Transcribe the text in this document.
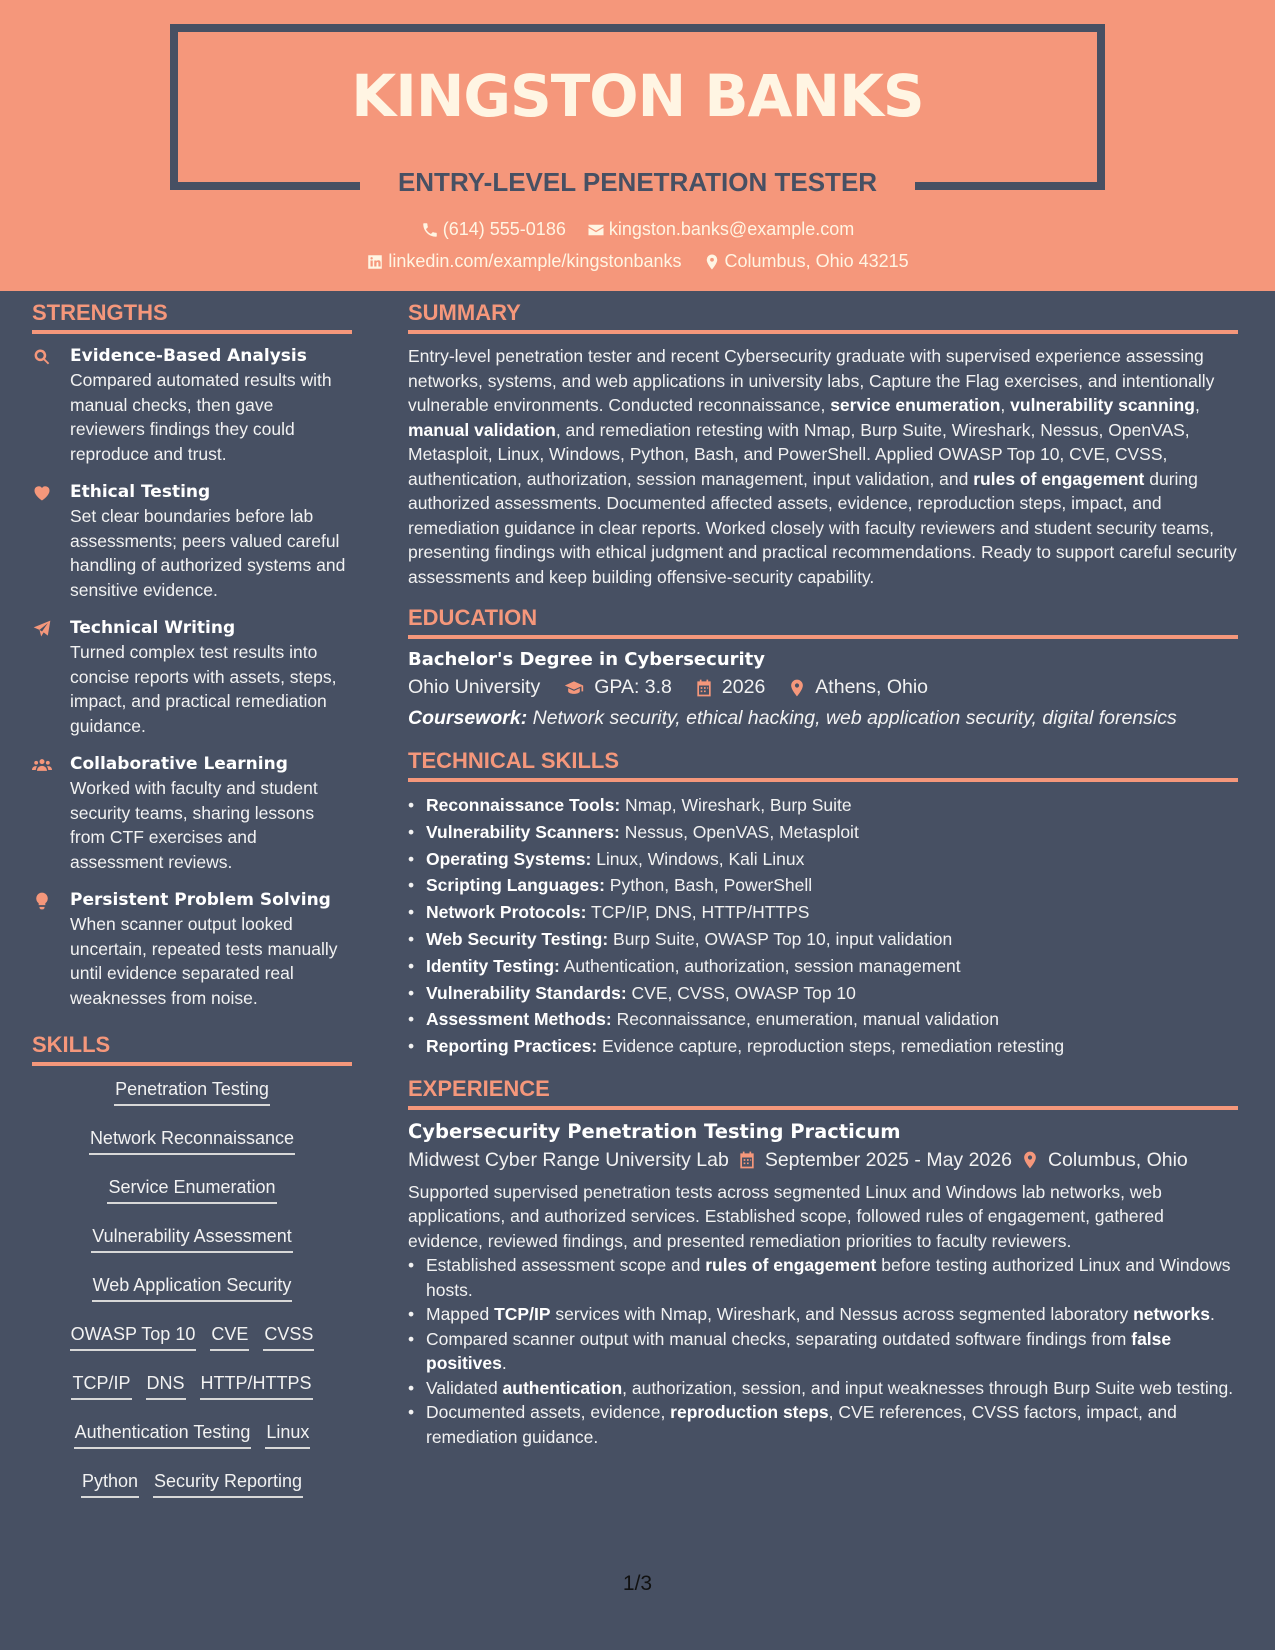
KINGSTON BANKS
ENTRY-LEVEL PENETRATION TESTER
(614) 555-0186
kingston.banks@example.com
linkedin.com/example/kingstonbanks
Columbus, Ohio 43215
STRENGTHS
Evidence-Based Analysis
Compared automated results with manual checks, then gave reviewers findings they could reproduce and trust.
Ethical Testing
Set clear boundaries before lab assessments; peers valued careful handling of authorized systems and sensitive evidence.
Technical Writing
Turned complex test results into concise reports with assets, steps, impact, and practical remediation guidance.
Collaborative Learning
Worked with faculty and student security teams, sharing lessons from CTF exercises and assessment reviews.
Persistent Problem Solving
When scanner output looked uncertain, repeated tests manually until evidence separated real weaknesses from noise.
SKILLS
Penetration Testing
Network Reconnaissance
Service Enumeration
Vulnerability Assessment
Web Application Security
OWASP Top 10 CVE CVSS
TCP/IP DNS HTTP/HTTPS
Authentication Testing Linux
Python Security Reporting
SUMMARY
Entry-level penetration tester and recent Cybersecurity graduate with supervised experience assessing networks, systems, and web applications in university labs, Capture the Flag exercises, and intentionally vulnerable environments. Conducted reconnaissance, service enumeration, vulnerability scanning, manual validation, and remediation retesting with Nmap, Burp Suite, Wireshark, Nessus, OpenVAS, Metasploit, Linux, Windows, Python, Bash, and PowerShell. Applied OWASP Top 10, CVE, CVSS, authentication, authorization, session management, input validation, and rules of engagement during authorized assessments. Documented affected assets, evidence, reproduction steps, impact, and remediation guidance in clear reports. Worked closely with faculty reviewers and student security teams, presenting findings with ethical judgment and practical recommendations. Ready to support careful security assessments and keep building offensive-security capability.
EDUCATION
Bachelor's Degree in Cybersecurity
Ohio University	GPA: 3.8	2026	Athens, Ohio
Coursework: Network security, ethical hacking, web application security, digital forensics
TECHNICAL SKILLS
• Reconnaissance Tools: Nmap, Wireshark, Burp Suite
• Vulnerability Scanners: Nessus, OpenVAS, Metasploit
• Operating Systems: Linux, Windows, Kali Linux
• Scripting Languages: Python, Bash, PowerShell
• Network Protocols: TCP/IP, DNS, HTTP/HTTPS
• Web Security Testing: Burp Suite, OWASP Top 10, input validation
• Identity Testing: Authentication, authorization, session management
• Vulnerability Standards: CVE, CVSS, OWASP Top 10
• Assessment Methods: Reconnaissance, enumeration, manual validation
• Reporting Practices: Evidence capture, reproduction steps, remediation retesting
EXPERIENCE
Cybersecurity Penetration Testing Practicum
Midwest Cyber Range University Lab September 2025 - May 2026 Columbus, Ohio
Supported supervised penetration tests across segmented Linux and Windows lab networks, web applications, and authorized services. Established scope, followed rules of engagement, gathered evidence, reviewed findings, and presented remediation priorities to faculty reviewers.
• Established assessment scope and rules of engagement before testing authorized Linux and Windows hosts.
• Mapped TCP/IP services with Nmap, Wireshark, and Nessus across segmented laboratory networks.
• Compared scanner output with manual checks, separating outdated software findings from false positives.
• Validated authentication, authorization, session, and input weaknesses through Burp Suite web testing.
• Documented assets, evidence, reproduction steps, CVE references, CVSS factors, impact, and remediation guidance.
1/3
